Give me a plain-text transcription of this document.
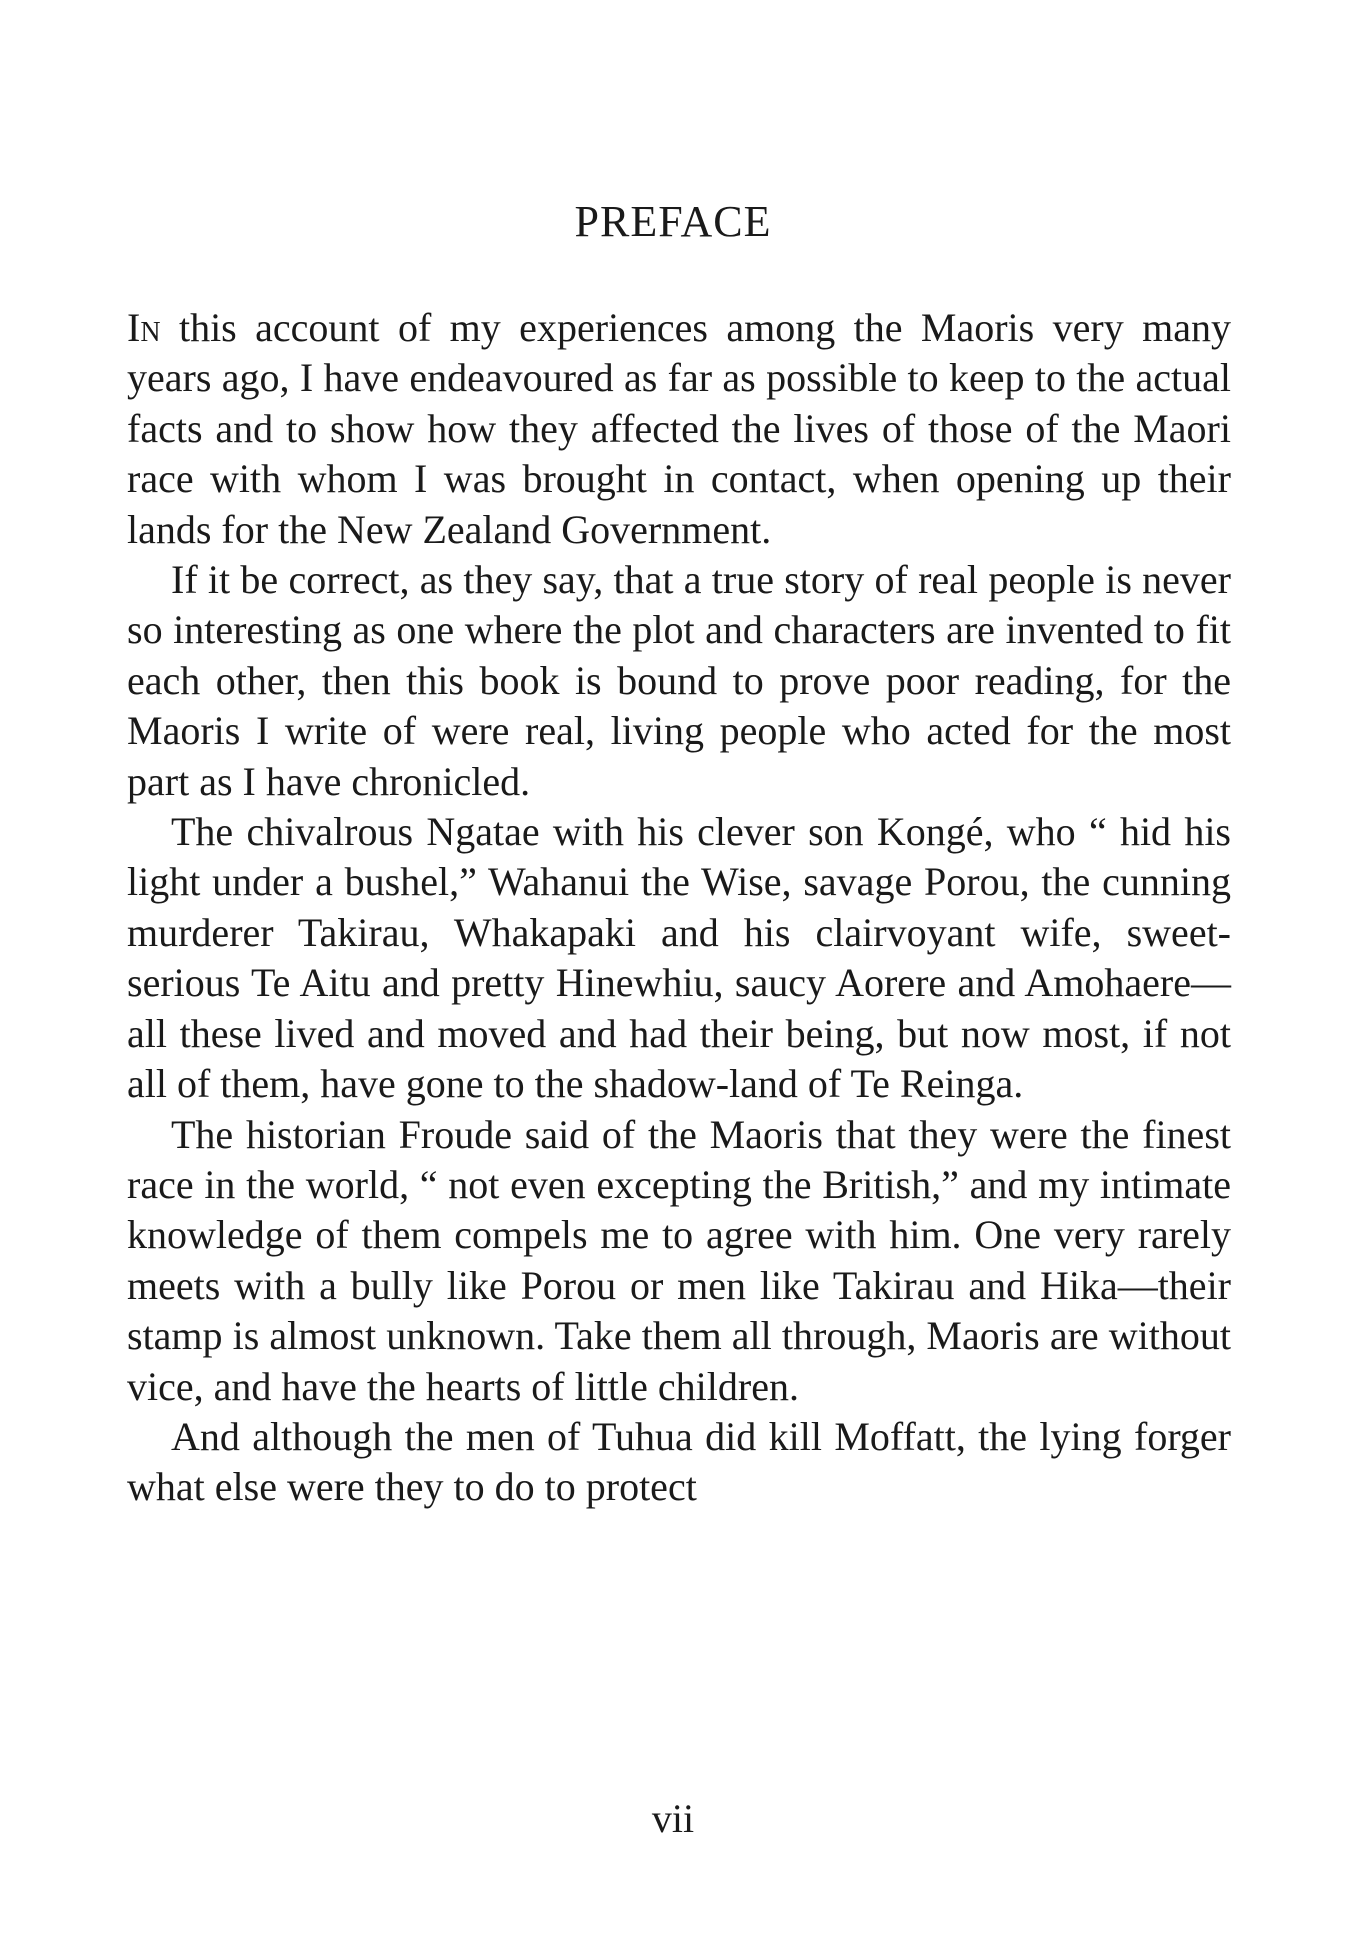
PREFACE

In this account of my experiences among the Maoris very many years ago, I have endeavoured as far as possible to keep to the actual facts and to show how they affected the lives of those of the Maori race with whom I was brought in contact, when opening up their lands for the New Zealand Government.

If it be correct, as they say, that a true story of real people is never so interesting as one where the plot and characters are invented to fit each other, then this book is bound to prove poor reading, for the Maoris I write of were real, living people who acted for the most part as I have chronicled.

The chivalrous Ngatae with his clever son Kongé, who “ hid his light under a bushel,” Wahanui the Wise, savage Porou, the cunning murderer Takirau, Whakapaki and his clairvoyant wife, sweet-serious Te Aitu and pretty Hinewhiu, saucy Aorere and Amohaere—all these lived and moved and had their being, but now most, if not all of them, have gone to the shadow-land of Te Reinga.

The historian Froude said of the Maoris that they were the finest race in the world, “ not even excepting the British,” and my intimate knowledge of them compels me to agree with him. One very rarely meets with a bully like Porou or men like Takirau and Hika—their stamp is almost unknown. Take them all through, Maoris are without vice, and have the hearts of little children.

And although the men of Tuhua did kill Moffatt, the lying forger what else were they to do to protect

vii
